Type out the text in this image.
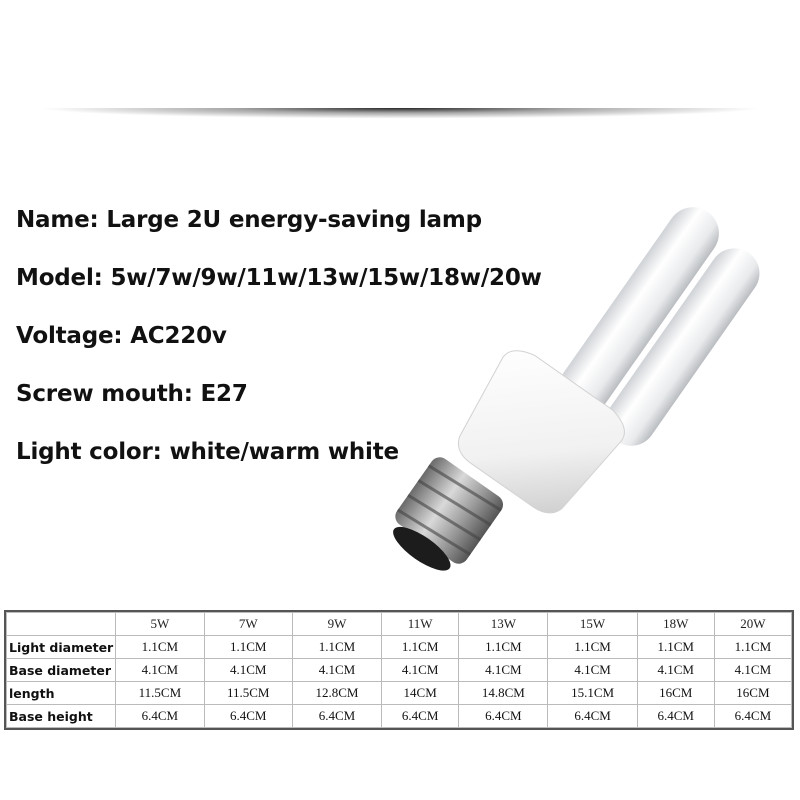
Name: Large 2U energy-saving lamp
Model: 5w/7w/9w/11w/13w/15w/18w/20w
Voltage: AC220v
Screw mouth: E27
Light color: white/warm white
	5W	7W	9W	11W	13W	15W	18W	20W
Light diameter	1.1CM	1.1CM	1.1CM	1.1CM	1.1CM	1.1CM	1.1CM	1.1CM
Base diameter	4.1CM	4.1CM	4.1CM	4.1CM	4.1CM	4.1CM	4.1CM	4.1CM
length	11.5CM	11.5CM	12.8CM	14CM	14.8CM	15.1CM	16CM	16CM
Base height	6.4CM	6.4CM	6.4CM	6.4CM	6.4CM	6.4CM	6.4CM	6.4CM
